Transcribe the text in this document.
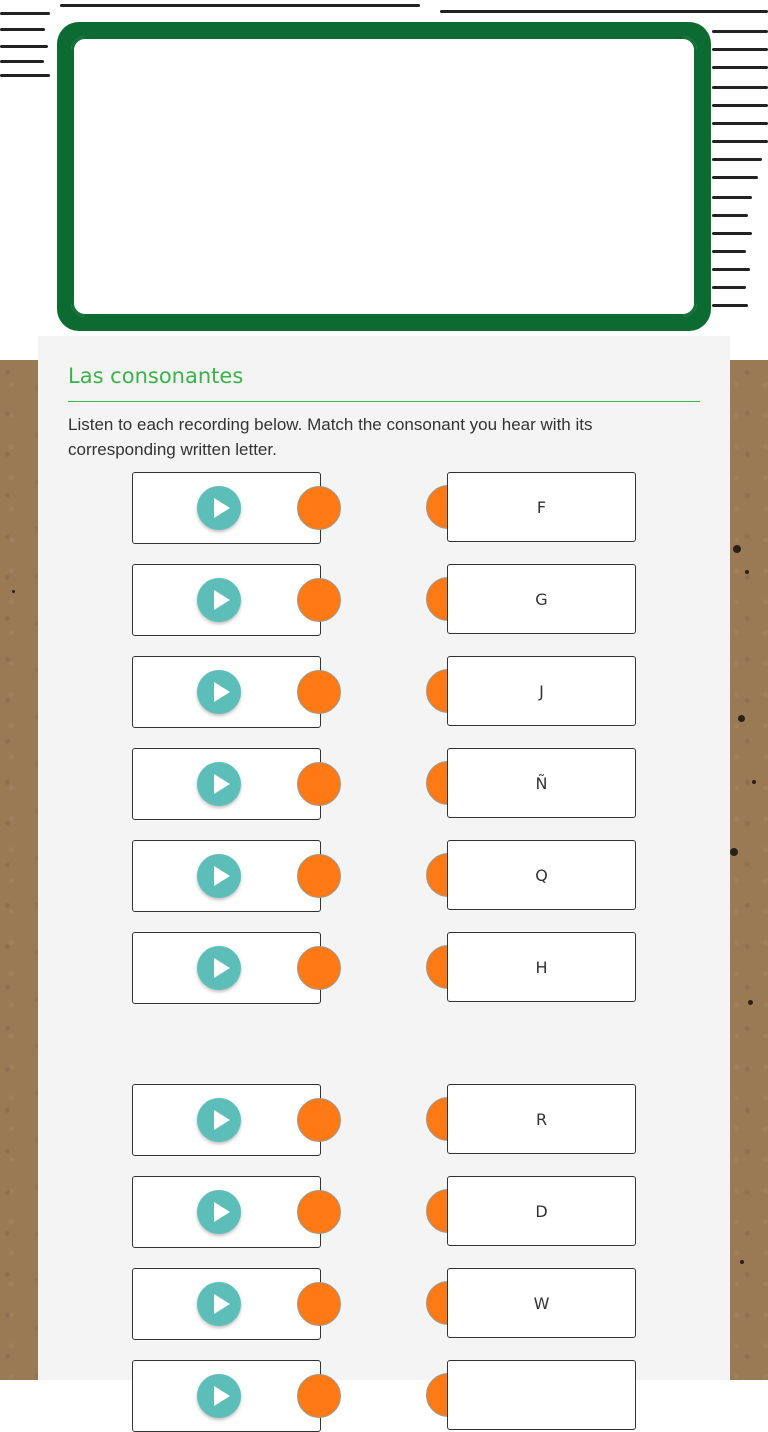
Las consonantes

Listen to each recording below. Match the consonant you hear with its corresponding written letter.

F
G
J
Ñ
Q
H
R
D
W
